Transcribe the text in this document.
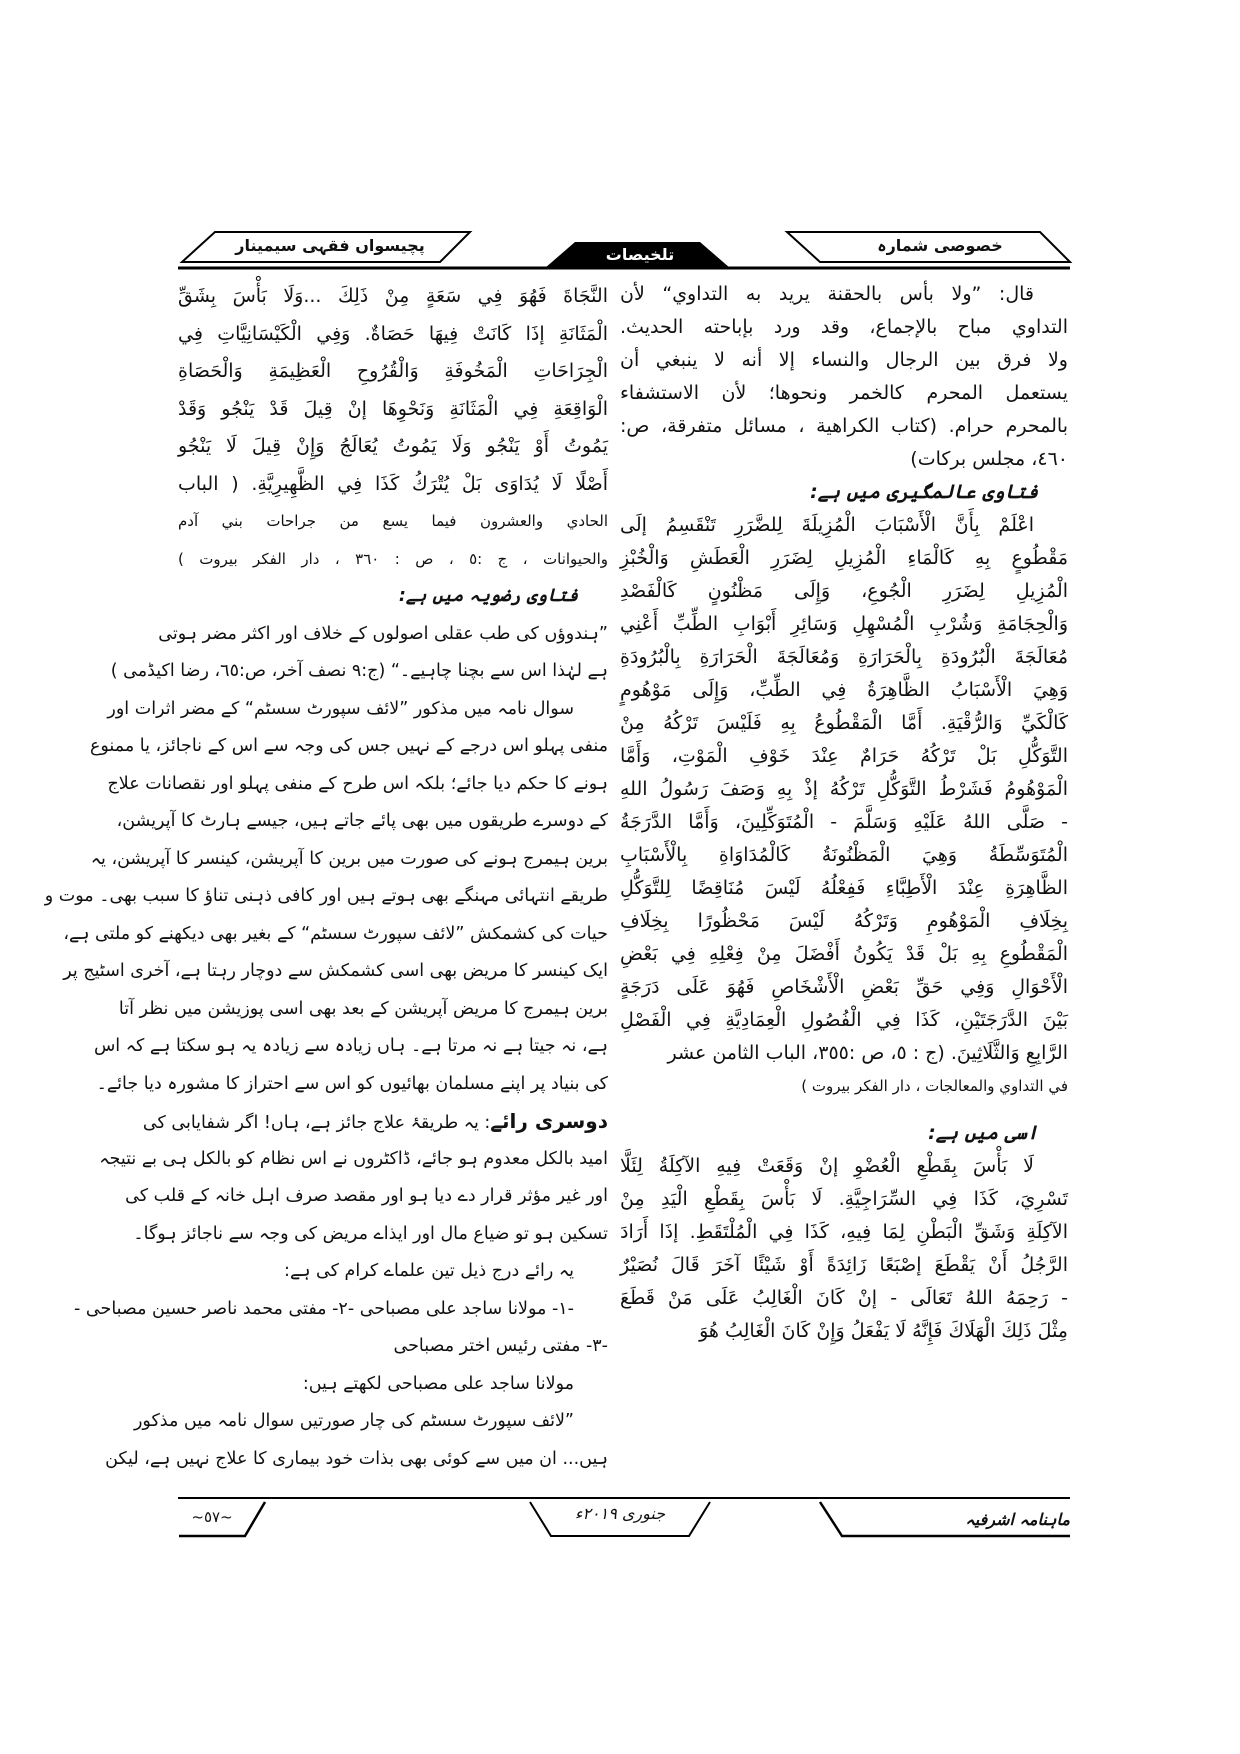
خصوصی شمارہ
تلخیصات
پچیسواں فقہی سیمینار
قال: ”ولا بأس بالحقنة يريد به التداوي“ لأن
التداوي مباح بالإجماع، وقد ورد بإباحته الحديث.
ولا فرق بين الرجال والنساء إلا أنه لا ينبغي أن
يستعمل المحرم كالخمر ونحوها؛ لأن الاستشفاء
بالمحرم حرام. (كتاب الكراهية ، مسائل متفرقة، ص:
٤٦٠، مجلس بركات)
فتاوی عالمگیری میں ہے:
اعْلَمْ بِأَنَّ الْأَسْبَابَ الْمُزِيلَةَ لِلضَّرَرِ تَنْقَسِمُ إلَى
مَقْطُوعٍ بِهِ كَالْمَاءِ الْمُزِيلِ لِضَرَرِ الْعَطَشِ وَالْخُبْزِ
الْمُزِيلِ لِضَرَرِ الْجُوعِ، وَإِلَى مَظْنُونٍ كَالْفَصْدِ
وَالْحِجَامَةِ وَشُرْبِ الْمُسْهِلِ وَسَائِرِ أَبْوَابِ الطِّبِّ أَعْنِي
مُعَالَجَةَ الْبُرُودَةِ بِالْحَرَارَةِ وَمُعَالَجَةَ الْحَرَارَةِ بِالْبُرُودَةِ
وَهِيَ الْأَسْبَابُ الظَّاهِرَةُ فِي الطِّبِّ، وَإِلَى مَوْهُومٍ
كَالْكَيِّ وَالرُّقْيَةِ. أَمَّا الْمَقْطُوعُ بِهِ فَلَيْسَ تَرْكُهُ مِنْ
التَّوَكُّلِ بَلْ تَرْكُهُ حَرَامٌ عِنْدَ خَوْفِ الْمَوْتِ، وَأَمَّا
الْمَوْهُومُ فَشَرْطُ التَّوَكُّلِ تَرْكُهُ إذْ بِهِ وَصَفَ رَسُولُ اللهِ
- صَلَّى اللهُ عَلَيْهِ وَسَلَّمَ - الْمُتَوَكِّلِينَ، وَأَمَّا الدَّرَجَةُ
الْمُتَوَسِّطَةُ وَهِيَ الْمَظْنُونَةُ كَالْمُدَاوَاةِ بِالْأَسْبَابِ
الظَّاهِرَةِ عِنْدَ الْأَطِبَّاءِ فَفِعْلُهُ لَيْسَ مُنَاقِضًا لِلتَّوَكُّلِ
بِخِلَافِ الْمَوْهُومِ وَتَرْكُهُ لَيْسَ مَحْظُورًا بِخِلَافِ
الْمَقْطُوعِ بِهِ بَلْ قَدْ يَكُونُ أَفْضَلَ مِنْ فِعْلِهِ فِي بَعْضِ
الْأَحْوَالِ وَفِي حَقِّ بَعْضِ الْأَشْخَاصِ فَهُوَ عَلَى دَرَجَةٍ
بَيْنَ الدَّرَجَتَيْنِ، كَذَا فِي الْفُصُولِ الْعِمَادِيَّةِ فِي الْفَصْلِ
الرَّابِعِ وَالثَّلَاثِينَ. (ج : ٥، ص :٣٥٥، الباب الثامن عشر
في التداوي والمعالجات ، دار الفكر بيروت )
اسی میں ہے:
لَا بَأْسَ بِقَطْعِ الْعُضْوِ إنْ وَقَعَتْ فِيهِ الآكِلَةُ لِئَلَّا
تَسْرِيَ، كَذَا فِي السِّرَاجِيَّةِ. لَا بَأْسَ بِقَطْعِ الْيَدِ مِنْ
الآكِلَةِ وَشَقِّ الْبَطْنِ لِمَا فِيهِ، كَذَا فِي الْمُلْتَقَطِ. إذَا أَرَادَ
الرَّجُلُ أَنْ يَقْطَعَ إصْبَعًا زَائِدَةً أَوْ شَيْئًا آخَرَ قَالَ نُصَيْرٌ
- رَحِمَهُ اللهُ تَعَالَى - إنْ كَانَ الْغَالِبُ عَلَى مَنْ قَطَعَ
مِثْلَ ذَلِكَ الْهَلَاكَ فَإِنَّهُ لَا يَفْعَلُ وَإِنْ كَانَ الْغَالِبُ هُوَ
النَّجَاةَ فَهُوَ فِي سَعَةٍ مِنْ ذَلِكَ ...وَلَا بَأْسَ بِشَقِّ
الْمَثَانَةِ إذَا كَانَتْ فِيهَا حَصَاةٌ. وَفِي الْكَيْسَانِيَّاتِ فِي
الْجِرَاحَاتِ الْمَخُوفَةِ وَالْقُرُوحِ الْعَظِيمَةِ وَالْحَصَاةِ
الْوَاقِعَةِ فِي الْمَثَانَةِ وَنَحْوِهَا إنْ قِيلَ قَدْ يَنْجُو وَقَدْ
يَمُوتُ أَوْ يَنْجُو وَلَا يَمُوتُ يُعَالَجُ وَإِنْ قِيلَ لَا يَنْجُو
أَصْلًا لَا يُدَاوَى بَلْ يُتْرَكُ كَذَا فِي الظَّهِيرِيَّةِ. ( الباب
الحادي والعشرون فيما يسع من جراحات بني آدم
والحيوانات ، ج :٥ ، ص : ٣٦٠ ، دار الفكر بيروت )
فتاوی رضویہ میں ہے:
”ہندوؤں کی طب عقلی اصولوں کے خلاف اور اکثر مضر ہوتی
ہے لہٰذا اس سے بچنا چاہیے۔“ (ج:۹ نصف آخر، ص:٦٥، رضا اکیڈمی )
سوال نامہ میں مذکور ”لائف سپورٹ سسٹم“ کے مضر اثرات اور
منفی پہلو اس درجے کے نہیں جس کی وجہ سے اس کے ناجائز، یا ممنوع
ہونے کا حکم دیا جائے؛ بلکہ اس طرح کے منفی پہلو اور نقصانات علاج
کے دوسرے طریقوں میں بھی پائے جاتے ہیں، جیسے ہارٹ کا آپریشن،
برین ہیمرج ہونے کی صورت میں برین کا آپریشن، کینسر کا آپریشن، یہ
طریقے انتہائی مہنگے بھی ہوتے ہیں اور کافی ذہنی تناؤ کا سبب بھی۔ موت و
حیات کی کشمکش ”لائف سپورٹ سسٹم“ کے بغیر بھی دیکھنے کو ملتی ہے،
ایک کینسر کا مریض بھی اسی کشمکش سے دوچار رہتا ہے، آخری اسٹیج پر
برین ہیمرج کا مریض آپریشن کے بعد بھی اسی پوزیشن میں نظر آتا
ہے، نہ جیتا ہے نہ مرتا ہے۔ ہاں زیادہ سے زیادہ یہ ہو سکتا ہے کہ اس
کی بنیاد پر اپنے مسلمان بھائیوں کو اس سے احتراز کا مشورہ دیا جائے۔
دوسری رائے: یہ طریقۂ علاج جائز ہے، ہاں! اگر شفایابی کی
امید بالکل معدوم ہو جائے، ڈاکٹروں نے اس نظام کو بالکل ہی بے نتیجہ
اور غیر مؤثر قرار دے دیا ہو اور مقصد صرف اہل خانہ کے قلب کی
تسکین ہو تو ضیاع مال اور ایذاے مریض کی وجہ سے ناجائز ہوگا۔
یہ رائے درج ذیل تین علماے کرام کی ہے:
-۱- مولانا ساجد علی مصباحی -۲- مفتی محمد ناصر حسین مصباحی -
-۳- مفتی رئیس اختر مصباحی
مولانا ساجد علی مصباحی لکھتے ہیں:
”لائف سپورٹ سسٹم کی چار صورتیں سوال نامہ میں مذکور
ہیں... ان میں سے کوئی بھی بذات خود بیماری کا علاج نہیں ہے، لیکن
~٥٧~	جنوری ۲۰۱۹ء	ماہنامہ اشرفیہ
